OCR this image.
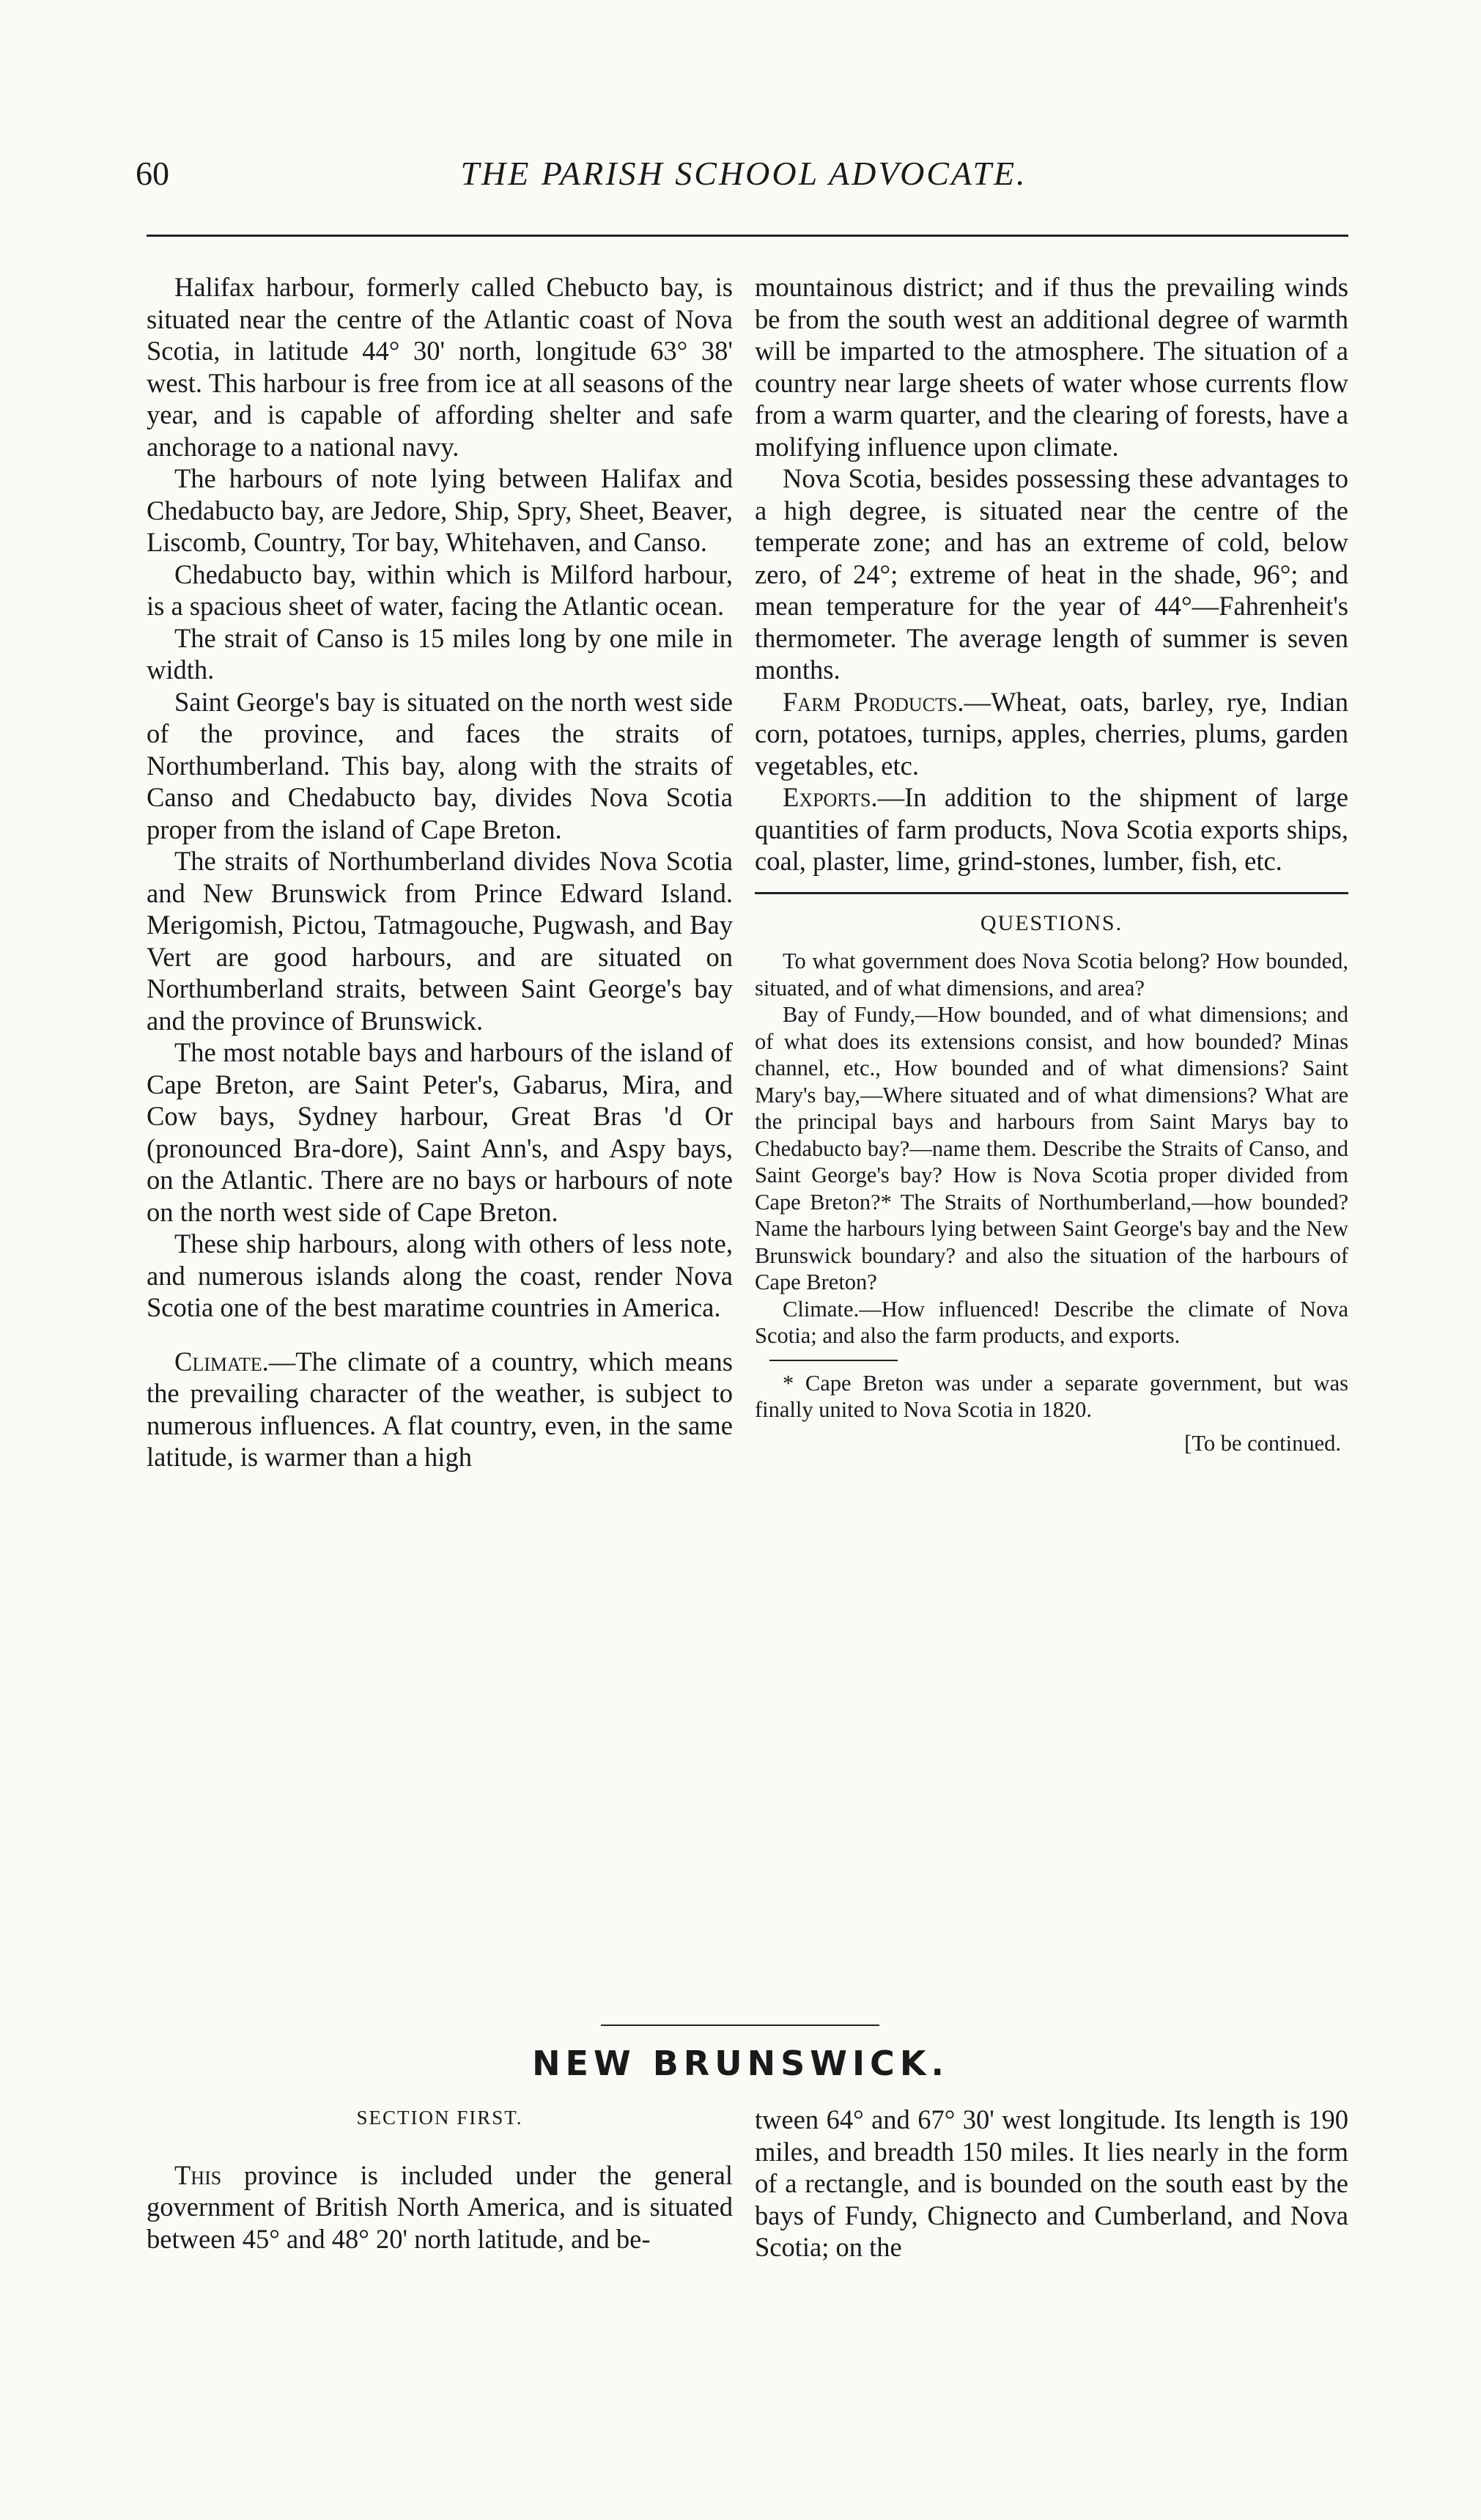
60	THE PARISH SCHOOL ADVOCATE.

Halifax harbour, formerly called Chebucto bay, is situated near the centre of the Atlantic coast of Nova Scotia, in latitude 44° 30' north, longitude 63° 38' west. This harbour is free from ice at all seasons of the year, and is capable of affording shelter and safe anchorage to a national navy.

The harbours of note lying between Halifax and Chedabucto bay, are Jedore, Ship, Spry, Sheet, Beaver, Liscomb, Country, Tor bay, Whitehaven, and Canso.

Chedabucto bay, within which is Milford harbour, is a spacious sheet of water, facing the Atlantic ocean.

The strait of Canso is 15 miles long by one mile in width.

Saint George's bay is situated on the north west side of the province, and faces the straits of Northumberland. This bay, along with the straits of Canso and Chedabucto bay, divides Nova Scotia proper from the island of Cape Breton.

The straits of Northumberland divides Nova Scotia and New Brunswick from Prince Edward Island. Merigomish, Pictou, Tatmagouche, Pugwash, and Bay Vert are good harbours, and are situated on Northumberland straits, between Saint George's bay and the province of Brunswick.

The most notable bays and harbours of the island of Cape Breton, are Saint Peter's, Gabarus, Mira, and Cow bays, Sydney harbour, Great Bras 'd Or (pronounced Bra-dore), Saint Ann's, and Aspy bays, on the Atlantic. There are no bays or harbours of note on the north west side of Cape Breton.

These ship harbours, along with others of less note, and numerous islands along the coast, render Nova Scotia one of the best maratime countries in America.

Climate.—The climate of a country, which means the prevailing character of the weather, is subject to numerous influences. A flat country, even, in the same latitude, is warmer than a high

mountainous district; and if thus the prevailing winds be from the south west an additional degree of warmth will be imparted to the atmosphere. The situation of a country near large sheets of water whose currents flow from a warm quarter, and the clearing of forests, have a molifying influence upon climate.

Nova Scotia, besides possessing these advantages to a high degree, is situated near the centre of the temperate zone; and has an extreme of cold, below zero, of 24°; extreme of heat in the shade, 96°; and mean temperature for the year of 44°—Fahrenheit's thermometer. The average length of summer is seven months.

Farm Products.—Wheat, oats, barley, rye, Indian corn, potatoes, turnips, apples, cherries, plums, garden vegetables, etc.

Exports.—In addition to the shipment of large quantities of farm products, Nova Scotia exports ships, coal, plaster, lime, grind-stones, lumber, fish, etc.

QUESTIONS.

To what government does Nova Scotia belong? How bounded, situated, and of what dimensions, and area?

Bay of Fundy,—How bounded, and of what dimensions; and of what does its extensions consist, and how bounded? Minas channel, etc., How bounded and of what dimensions? Saint Mary's bay,—Where situated and of what dimensions? What are the principal bays and harbours from Saint Marys bay to Chedabucto bay?—name them. Describe the Straits of Canso, and Saint George's bay? How is Nova Scotia proper divided from Cape Breton?* The Straits of Northumberland,—how bounded? Name the harbours lying between Saint George's bay and the New Brunswick boundary? and also the situation of the harbours of Cape Breton?

Climate.—How influenced! Describe the climate of Nova Scotia; and also the farm products, and exports.

* Cape Breton was under a separate government, but was finally united to Nova Scotia in 1820.

[To be continued.
NEW BRUNSWICK.

SECTION FIRST.

This province is included under the general government of British North America, and is situated between 45° and 48° 20' north latitude, and be-

tween 64° and 67° 30' west longitude. Its length is 190 miles, and breadth 150 miles. It lies nearly in the form of a rectangle, and is bounded on the south east by the bays of Fundy, Chignecto and Cumberland, and Nova Scotia; on the
